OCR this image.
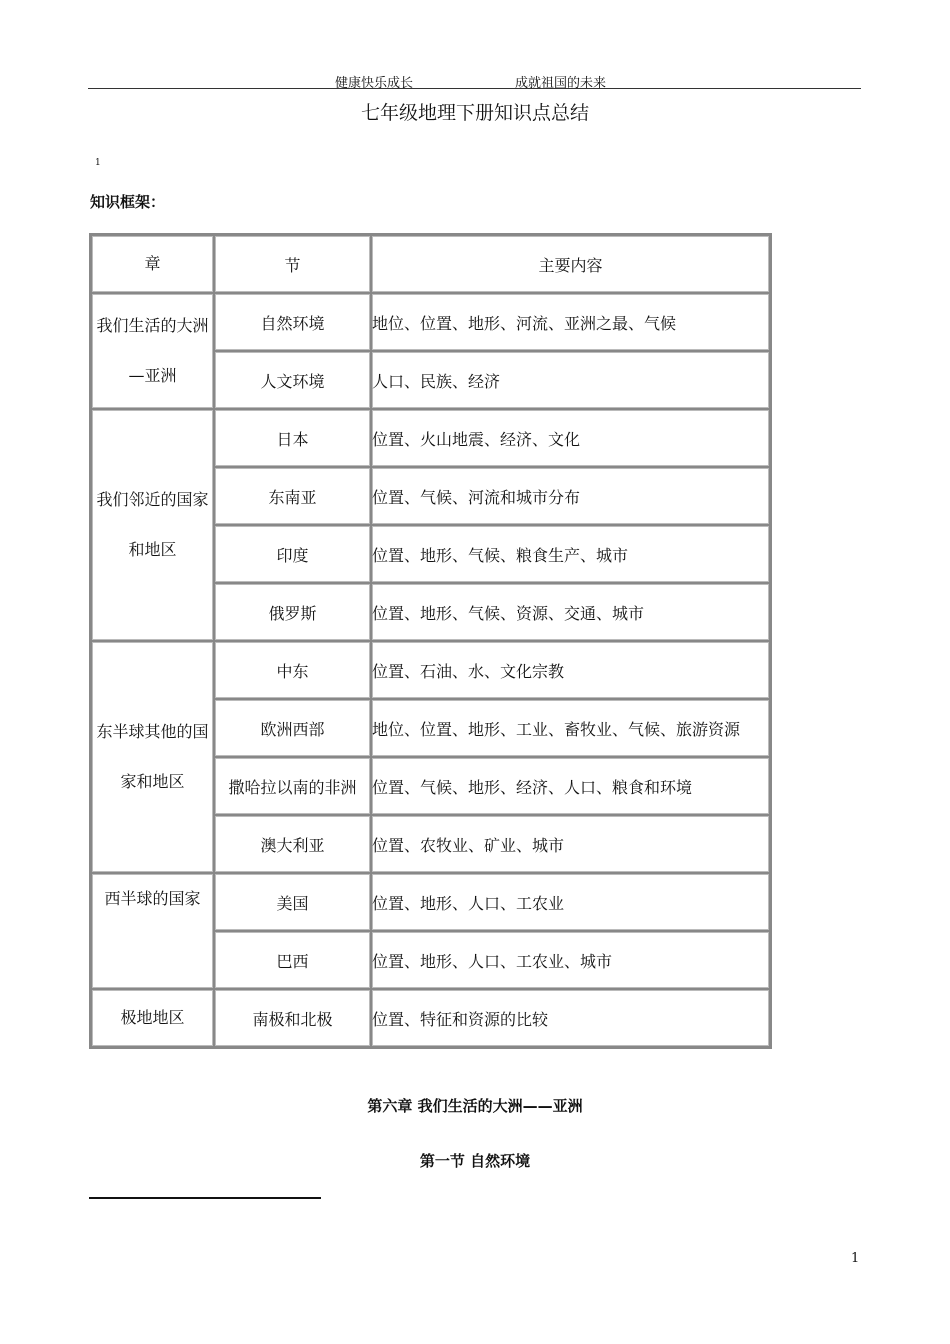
健康快乐成长	成就祖国的未来
七年级地理下册知识点总结
1
知识框架：
章	节	主要内容

我们生活的大洲
—亚洲	自然环境	地位、位置、地形、河流、亚洲之最、气候
	人文环境	人口、民族、经济

我们邻近的国家
和地区	日本	位置、火山地震、经济、文化
	东南亚	位置、气候、河流和城市分布
	印度	位置、地形、气候、粮食生产、城市
	俄罗斯	位置、地形、气候、资源、交通、城市

东半球其他的国
家和地区	中东	位置、石油、水、文化宗教
	欧洲西部	地位、位置、地形、工业、畜牧业、气候、旅游资源
	撒哈拉以南的非洲	位置、气候、地形、经济、人口、粮食和环境
	澳大利亚	位置、农牧业、矿业、城市

西半球的国家	美国	位置、地形、人口、工农业
	巴西	位置、地形、人口、工农业、城市

极地地区	南极和北极	位置、特征和资源的比较
第六章 我们生活的大洲——亚洲
第一节 自然环境
1
